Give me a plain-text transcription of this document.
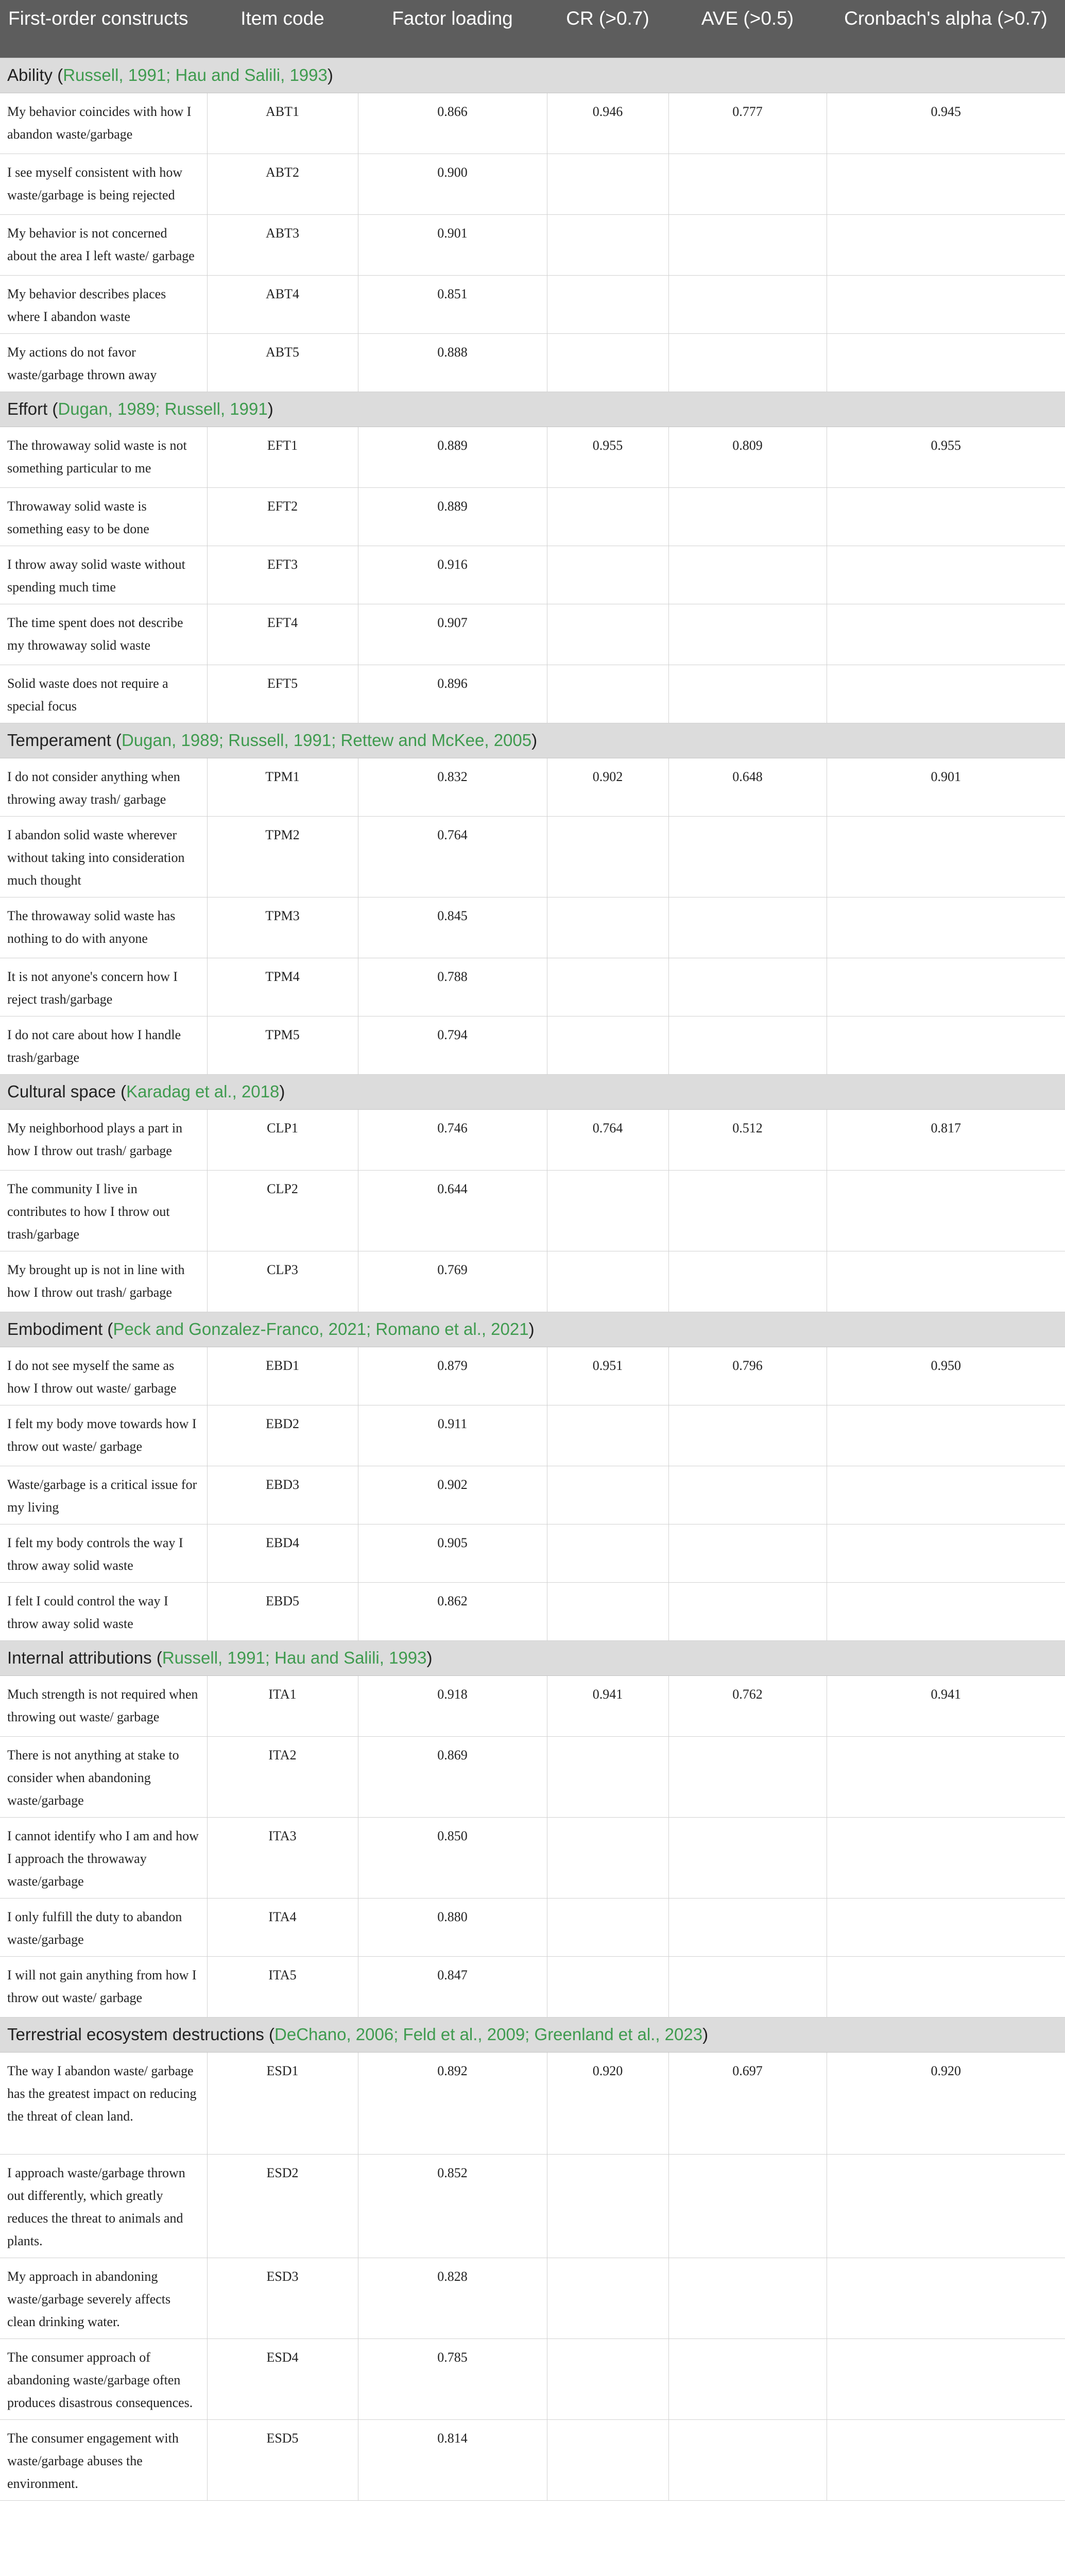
First-order constructs	Item code	Factor loading	CR (>0.7)	AVE (>0.5)	Cronbach's alpha (>0.7)
Ability (Russell, 1991; Hau and Salili, 1993)					
My behavior coincides with how I abandon waste/garbage	ABT1	0.866	0.946	0.777	0.945
I see myself consistent with how waste/garbage is being rejected	ABT2	0.900			
My behavior is not concerned about the area I left waste/ garbage	ABT3	0.901			
My behavior describes places where I abandon waste	ABT4	0.851			
My actions do not favor waste/garbage thrown away	ABT5	0.888			
Effort (Dugan, 1989; Russell, 1991)					
The throwaway solid waste is not something particular to me	EFT1	0.889	0.955	0.809	0.955
Throwaway solid waste is something easy to be done	EFT2	0.889			
I throw away solid waste without spending much time	EFT3	0.916			
The time spent does not describe my throwaway solid waste	EFT4	0.907			
Solid waste does not require a special focus	EFT5	0.896			
Temperament (Dugan, 1989; Russell, 1991; Rettew and McKee, 2005)					
I do not consider anything when throwing away trash/ garbage	TPM1	0.832	0.902	0.648	0.901
I abandon solid waste wherever without taking into consideration much thought	TPM2	0.764			
The throwaway solid waste has nothing to do with anyone	TPM3	0.845			
It is not anyone's concern how I reject trash/garbage	TPM4	0.788			
I do not care about how I handle trash/garbage	TPM5	0.794			
Cultural space (Karadag et al., 2018)					
My neighborhood plays a part in how I throw out trash/ garbage	CLP1	0.746	0.764	0.512	0.817
The community I live in contributes to how I throw out trash/garbage	CLP2	0.644			
My brought up is not in line with how I throw out trash/ garbage	CLP3	0.769			
Embodiment (Peck and Gonzalez-Franco, 2021; Romano et al., 2021)					
I do not see myself the same as how I throw out waste/ garbage	EBD1	0.879	0.951	0.796	0.950
I felt my body move towards how I throw out waste/ garbage	EBD2	0.911			
Waste/garbage is a critical issue for my living	EBD3	0.902			
I felt my body controls the way I throw away solid waste	EBD4	0.905			
I felt I could control the way I throw away solid waste	EBD5	0.862			
Internal attributions (Russell, 1991; Hau and Salili, 1993)					
Much strength is not required when throwing out waste/ garbage	ITA1	0.918	0.941	0.762	0.941
There is not anything at stake to consider when abandoning waste/garbage	ITA2	0.869			
I cannot identify who I am and how I approach the throwaway waste/garbage	ITA3	0.850			
I only fulfill the duty to abandon waste/garbage	ITA4	0.880			
I will not gain anything from how I throw out waste/ garbage	ITA5	0.847			
Terrestrial ecosystem destructions (DeChano, 2006; Feld et al., 2009; Greenland et al., 2023)					
The way I abandon waste/ garbage has the greatest impact on reducing the threat of clean land.	ESD1	0.892	0.920	0.697	0.920
I approach waste/garbage thrown out differently, which greatly reduces the threat to animals and plants.	ESD2	0.852			
My approach in abandoning waste/garbage severely affects clean drinking water.	ESD3	0.828			
The consumer approach of abandoning waste/garbage often produces disastrous consequences.	ESD4	0.785			
The consumer engagement with waste/garbage abuses the environment.	ESD5	0.814			
